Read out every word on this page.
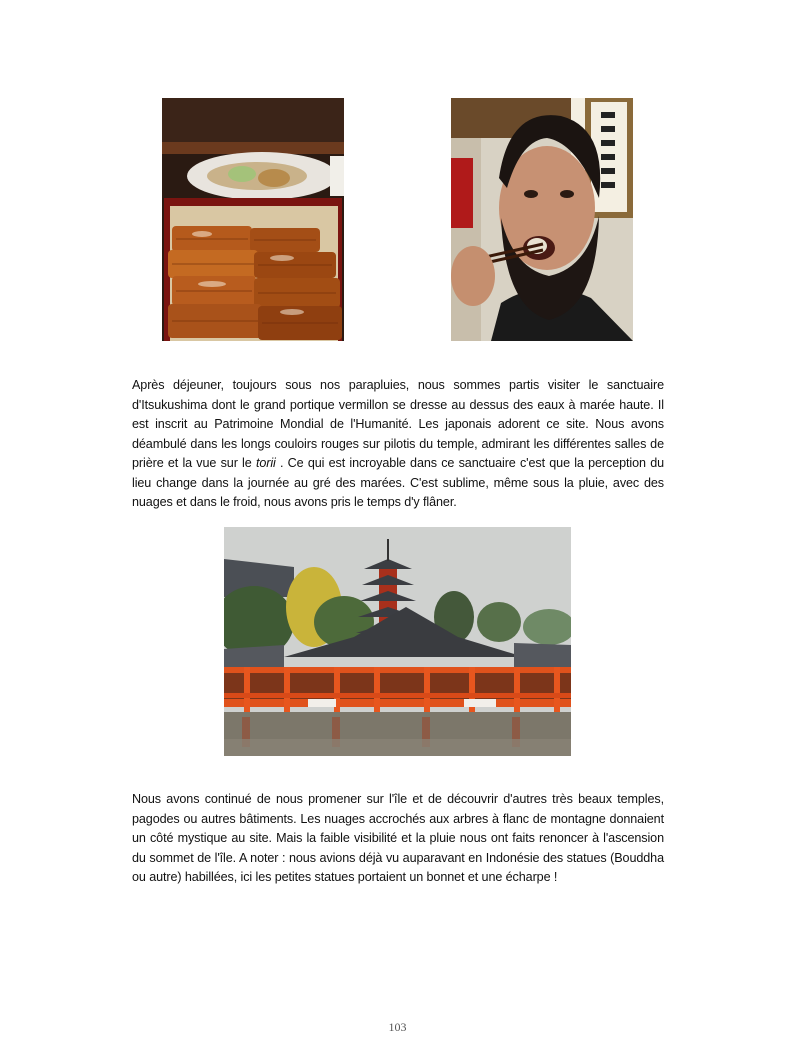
Après déjeuner, toujours sous nos parapluies, nous sommes partis visiter le sanctuaire d'Itsukushima dont le grand portique vermillon se dresse au dessus des eaux à marée haute. Il est inscrit au Patrimoine Mondial de l'Humanité. Les japonais adorent ce site. Nous avons déambulé dans les longs couloirs rouges sur pilotis du temple, admirant les différentes salles de prière et la vue sur le torii . Ce qui est incroyable dans ce sanctuaire c'est que la perception du lieu change dans la journée au gré des marées. C'est sublime, même sous la pluie, avec des nuages et dans le froid, nous avons pris le temps d'y flâner.

Nous avons continué de nous promener sur l'île et de découvrir d'autres très beaux temples, pagodes ou autres bâtiments. Les nuages accrochés aux arbres à flanc de montagne donnaient un côté mystique au site. Mais la faible visibilité et la pluie nous ont faits renoncer à l'ascension du sommet de l'île. A noter : nous avions déjà vu auparavant en Indonésie des statues (Bouddha ou autre) habillées, ici les petites statues portaient un bonnet et une écharpe !

103
